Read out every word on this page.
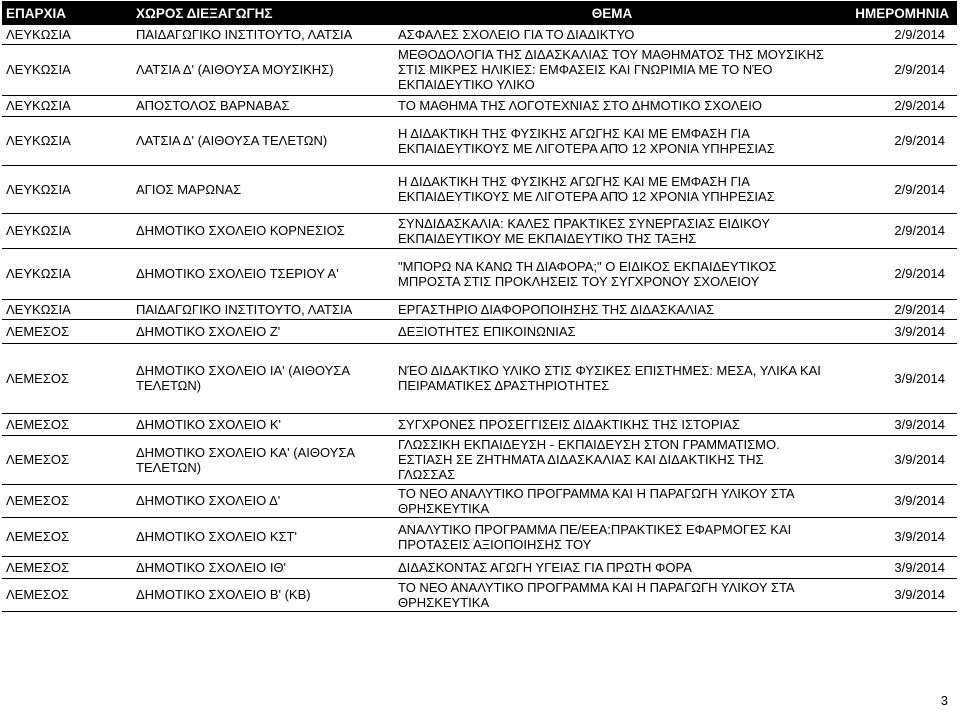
ΕΠΑΡΧΙΑ	ΧΩΡΟΣ ΔΙΕΞΑΓΩΓΗΣ	ΘΕΜΑ	ΗΜΕΡΟΜΗΝΙΑ
ΛΕΥΚΩΣΙΑ	ΠΑΙΔΑΓΩΓΙΚΟ ΙΝΣΤΙΤΟΥΤΟ, ΛΑΤΣΙΑ	ΑΣΦΑΛΕΣ ΣΧΟΛΕΙΟ ΓΙΑ ΤΟ ΔΙΑΔΙΚΤΥΟ	2/9/2014
ΛΕΥΚΩΣΙΑ	ΛΑΤΣΙΑ Δ' (ΑΙΘΟΥΣΑ ΜΟΥΣΙΚΗΣ)	ΜΕΘΟΔΟΛΟΓΙΑ ΤΗΣ ΔΙΔΑΣΚΑΛΙΑΣ ΤΟΥ ΜΑΘΗΜΑΤΟΣ ΤΗΣ ΜΟΥΣΙΚΗΣ ΣΤΙΣ ΜΙΚΡΕΣ ΗΛΙΚΙΕΣ: ΕΜΦΑΣΕΙΣ ΚΑΙ ΓΝΩΡΙΜΙΑ ΜΕ ΤΟ ΝΈΟ ΕΚΠΑΙΔΕΥΤΙΚΟ ΥΛΙΚΟ	2/9/2014
ΛΕΥΚΩΣΙΑ	ΑΠΟΣΤΟΛΟΣ ΒΑΡΝΑΒΑΣ	ΤΟ ΜΑΘΗΜΑ ΤΗΣ ΛΟΓΟΤΕΧΝΙΑΣ ΣΤΟ ΔΗΜΟΤΙΚΟ ΣΧΟΛΕΙΟ	2/9/2014
ΛΕΥΚΩΣΙΑ	ΛΑΤΣΙΑ Δ' (ΑΙΘΟΥΣΑ ΤΕΛΕΤΩΝ)	Η ΔΙΔΑΚΤΙΚΗ ΤΗΣ ΦΥΣΙΚΗΣ ΑΓΩΓΗΣ ΚΑΙ ΜΕ ΕΜΦΑΣΗ ΓΙΑ ΕΚΠΑΙΔΕΥΤΙΚΟΥΣ ΜΕ ΛΙΓΟΤΕΡΑ ΑΠΌ 12 ΧΡΟΝΙΑ ΥΠΗΡΕΣΙΑΣ	2/9/2014
ΛΕΥΚΩΣΙΑ	ΑΓΙΟΣ ΜΑΡΩΝΑΣ	Η ΔΙΔΑΚΤΙΚΗ ΤΗΣ ΦΥΣΙΚΗΣ ΑΓΩΓΗΣ ΚΑΙ ΜΕ ΕΜΦΑΣΗ ΓΙΑ ΕΚΠΑΙΔΕΥΤΙΚΟΥΣ ΜΕ ΛΙΓΟΤΕΡΑ ΑΠΌ 12 ΧΡΟΝΙΑ ΥΠΗΡΕΣΙΑΣ	2/9/2014
ΛΕΥΚΩΣΙΑ	ΔΗΜΟΤΙΚΟ ΣΧΟΛΕΙΟ ΚΟΡΝΕΣΙΟΣ	ΣΥΝΔΙΔΑΣΚΑΛΙΑ: ΚΑΛΕΣ ΠΡΑΚΤΙΚΕΣ ΣΥΝΕΡΓΑΣΙΑΣ ΕΙΔΙΚΟΥ ΕΚΠΑΙΔΕΥΤΙΚΟΥ ΜΕ ΕΚΠΑΙΔΕΥΤΙΚΟ ΤΗΣ ΤΑΞΗΣ	2/9/2014
ΛΕΥΚΩΣΙΑ	ΔΗΜΟΤΙΚΟ ΣΧΟΛΕΙΟ ΤΣΕΡΙΟΥ Α'	"ΜΠΟΡΩ ΝΑ ΚΑΝΩ ΤΗ ΔΙΑΦΟΡΑ;" Ο ΕΙΔΙΚΟΣ ΕΚΠΑΙΔΕΥΤΙΚΟΣ ΜΠΡΟΣΤΑ ΣΤΙΣ ΠΡΟΚΛΗΣΕΙΣ ΤΟΥ ΣΥΓΧΡΟΝΟΥ ΣΧΟΛΕΙΟΥ	2/9/2014
ΛΕΥΚΩΣΙΑ	ΠΑΙΔΑΓΩΓΙΚΟ ΙΝΣΤΙΤΟΥΤΟ, ΛΑΤΣΙΑ	ΕΡΓΑΣΤΗΡΙΟ ΔΙΑΦΟΡΟΠΟΙΗΣΗΣ ΤΗΣ ΔΙΔΑΣΚΑΛΙΑΣ	2/9/2014
ΛΕΜΕΣΟΣ	ΔΗΜΟΤΙΚΟ ΣΧΟΛΕΙΟ Ζ'	ΔΕΞΙΟΤΗΤΕΣ ΕΠΙΚΟΙΝΩΝΙΑΣ	3/9/2014
ΛΕΜΕΣΟΣ	ΔΗΜΟΤΙΚΟ ΣΧΟΛΕΙΟ ΙΑ' (ΑΙΘΟΥΣΑ ΤΕΛΕΤΩΝ)	ΝΈΟ ΔΙΔΑΚΤΙΚΟ ΥΛΙΚΟ ΣΤΙΣ ΦΥΣΙΚΕΣ ΕΠΙΣΤΗΜΕΣ: ΜΕΣΑ, ΥΛΙΚΑ ΚΑΙ ΠΕΙΡΑΜΑΤΙΚΕΣ ΔΡΑΣΤΗΡΙΟΤΗΤΕΣ	3/9/2014
ΛΕΜΕΣΟΣ	ΔΗΜΟΤΙΚΟ ΣΧΟΛΕΙΟ Κ'	ΣΥΓΧΡΟΝΕΣ ΠΡΟΣΕΓΓΙΣΕΙΣ ΔΙΔΑΚΤΙΚΗΣ ΤΗΣ ΙΣΤΟΡΙΑΣ	3/9/2014
ΛΕΜΕΣΟΣ	ΔΗΜΟΤΙΚΟ ΣΧΟΛΕΙΟ ΚΑ' (ΑΙΘΟΥΣΑ ΤΕΛΕΤΩΝ)	ΓΛΩΣΣΙΚΗ ΕΚΠΑΙΔΕΥΣΗ - ΕΚΠΑΙΔΕΥΣΗ ΣΤΟΝ ΓΡΑΜΜΑΤΙΣΜΟ. ΕΣΤΙΑΣΗ ΣΕ ΖΗΤΗΜΑΤΑ ΔΙΔΑΣΚΑΛΙΑΣ ΚΑΙ ΔΙΔΑΚΤΙΚΗΣ ΤΗΣ ΓΛΩΣΣΑΣ	3/9/2014
ΛΕΜΕΣΟΣ	ΔΗΜΟΤΙΚΟ ΣΧΟΛΕΙΟ Δ'	ΤΟ ΝΕΟ ΑΝΑΛΥΤΙΚΟ ΠΡΟΓΡΑΜΜΑ ΚΑΙ Η ΠΑΡΑΓΩΓΗ ΥΛΙΚΟΥ ΣΤΑ ΘΡΗΣΚΕΥΤΙΚΑ	3/9/2014
ΛΕΜΕΣΟΣ	ΔΗΜΟΤΙΚΟ ΣΧΟΛΕΙΟ ΚΣΤ'	ΑΝΑΛΥΤΙΚΟ ΠΡΟΓΡΑΜΜΑ ΠΕ/ΕΕΑ:ΠΡΑΚΤΙΚΕΣ ΕΦΑΡΜΟΓΕΣ ΚΑΙ ΠΡΟΤΑΣΕΙΣ ΑΞΙΟΠΟΙΗΣΗΣ ΤΟΥ	3/9/2014
ΛΕΜΕΣΟΣ	ΔΗΜΟΤΙΚΟ ΣΧΟΛΕΙΟ ΙΘ'	ΔΙΔΑΣΚΟΝΤΑΣ ΑΓΩΓΗ ΥΓΕΙΑΣ ΓΙΑ ΠΡΩΤΗ ΦΟΡΑ	3/9/2014
ΛΕΜΕΣΟΣ	ΔΗΜΟΤΙΚΟ ΣΧΟΛΕΙΟ Β' (ΚΒ)	ΤΟ ΝΕΟ ΑΝΑΛΥΤΙΚΟ ΠΡΟΓΡΑΜΜΑ ΚΑΙ Η ΠΑΡΑΓΩΓΗ ΥΛΙΚΟΥ ΣΤΑ ΘΡΗΣΚΕΥΤΙΚΑ	3/9/2014
3
